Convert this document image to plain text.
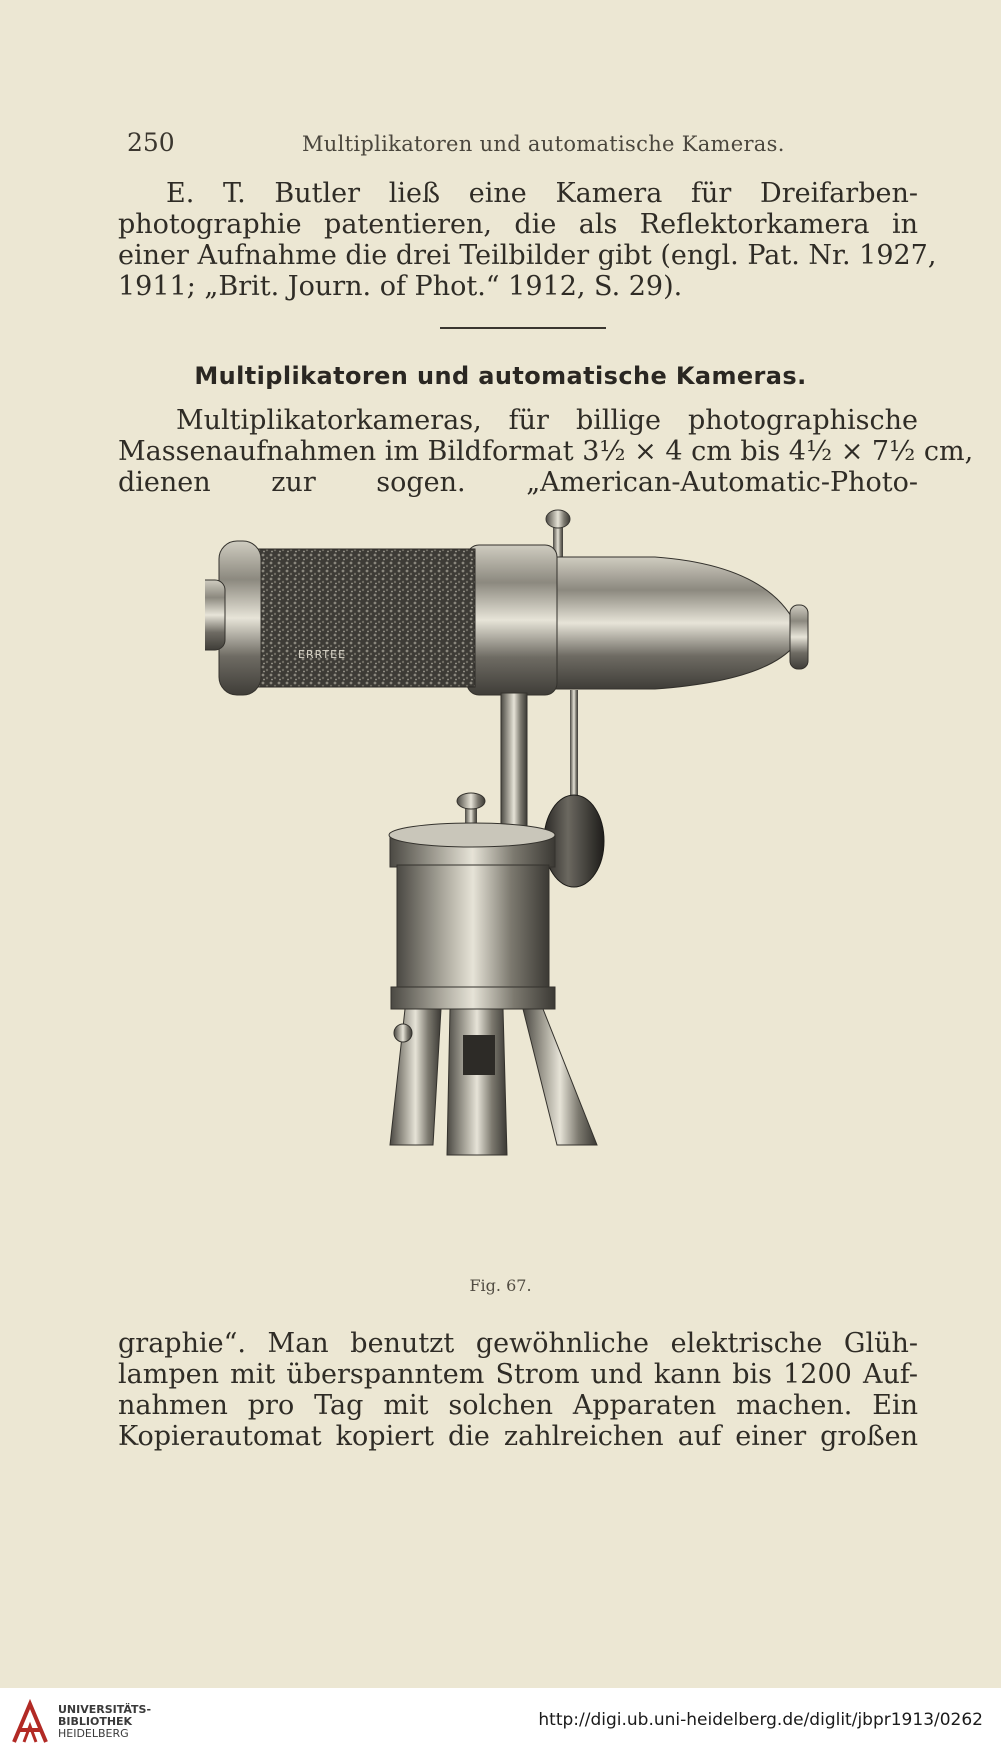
250	Multiplikatoren und automatische Kameras.
E. T. Butler ließ eine Kamera für Dreifarben-
photographie patentieren, die als Reflektorkamera in
einer Aufnahme die drei Teilbilder gibt (engl. Pat. Nr. 1927,
1911; „Brit. Journ. of Phot.“ 1912, S. 29).
Multiplikatoren und automatische Kameras.
Multiplikatorkameras, für billige photographische
Massenaufnahmen im Bildformat 3½ × 4 cm bis 4½ × 7½ cm,
dienen zur sogen. „American-Automatic-Photo-
ERRTEE
Fig. 67.
graphie“. Man benutzt gewöhnliche elektrische Glüh-
lampen mit überspanntem Strom und kann bis 1200 Auf-
nahmen pro Tag mit solchen Apparaten machen. Ein
Kopierautomat kopiert die zahlreichen auf einer großen
UNIVERSITÄTS-
BIBLIOTHEK
HEIDELBERG
http://digi.ub.uni-heidelberg.de/diglit/jbpr1913/0262
